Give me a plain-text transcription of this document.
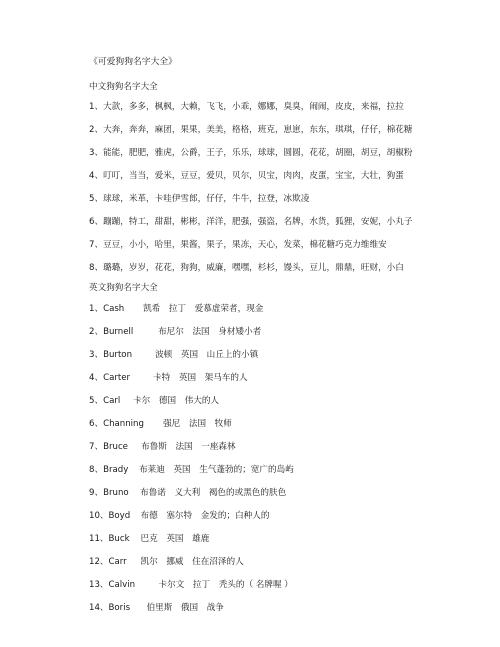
《可爱狗狗名字大全》
中文狗狗名字大全
1、大款，多多，枫枫，大赖，飞飞，小乖，娜娜，臭臭，闹闹，皮皮，来福，拉拉
2、大奔，奔奔，麻团，果果，美美，格格，班克，崽崽，东东，琪琪，仔仔，棉花糖
3、能能，肥肥，雅虎，公爵，王子，乐乐，球球，圆圆，花花，胡圈，胡豆，胡椒粉
4、叮叮，当当，爱米，豆豆，爱贝，贝尔，贝宝，肉肉，皮蛋，宝宝，大壮，狗蛋
5、球球，米革，卡哇伊雪郎，仔仔，牛牛，拉登，冰欺凌
6、蹦蹦，特工，甜甜，彬彬，洋洋，肥强，强盗，名牌，水货，狐狸，安妮，小丸子
7、豆豆，小小，哈里，果酱，果子，果冻，天心，发菜，棉花糖巧克力维维安
8、璐璐，岁岁，花花，狗狗，威廉，嘿嘿，杉杉，馒头，豆儿，鼎鼎，旺财，小白
英文狗狗名字大全
1、Cash 凯希　拉丁　爱慕虚荣者，现金
2、Burnell	布尼尔　法国　身材矮小者
3、Burton	波顿　英国　山丘上的小镇
4、Carter	卡特　英国　架马车的人
5、Carl 卡尔　德国　伟大的人
6、Channing 强尼　法国　牧师
7、Bruce 布鲁斯　法国　一座森林
8、Brady 布莱迪　英国　生气蓬勃的；宽广的岛屿
9、Bruno 布鲁诺　义大利　褐色的或黑色的肤色
10、Boyd 布德　塞尔特　金发的；白种人的
11、Buck 巴克　英国　雄鹿
12、Carr 凯尔　挪威　住在沼泽的人
13、Calvin	卡尔文　拉丁　秃头的（ 名牌喔 ）
14、Boris 伯里斯　俄国　战争
